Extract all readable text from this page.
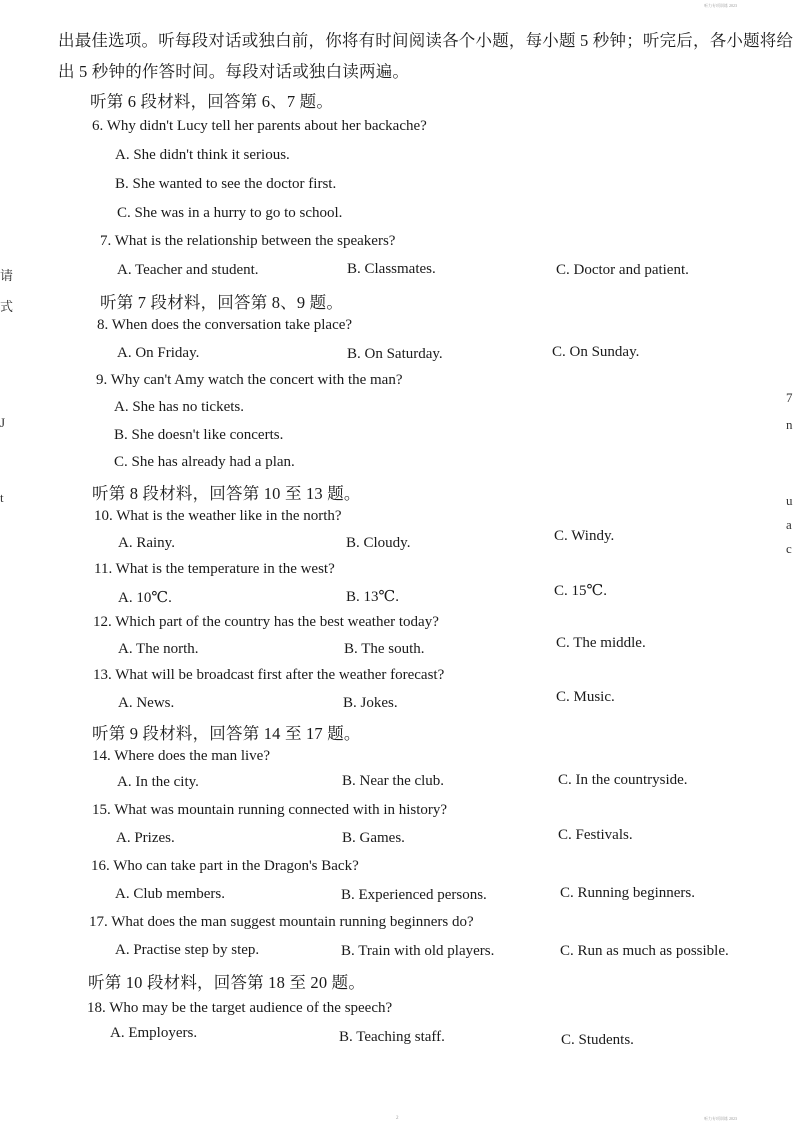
听力专项训练 2023
请
式
J
t
7
n
u
a
c
出最佳选项。听每段对话或独白前，你将有时间阅读各个小题，每小题 5 秒钟；听完后，各小题将给
出 5 秒钟的作答时间。每段对话或独白读两遍。
听第 6 段材料，回答第 6、7 题。
6. Why didn't Lucy tell her parents about her backache?
A. She didn't think it serious.
B. She wanted to see the doctor first.
C. She was in a hurry to go to school.
7. What is the relationship between the speakers?
A. Teacher and student.	B. Classmates.	C. Doctor and patient.
听第 7 段材料，回答第 8、9 题。
8. When does the conversation take place?
A. On Friday.	B. On Saturday.	C. On Sunday.
9. Why can't Amy watch the concert with the man?
A. She has no tickets.
B. She doesn't like concerts.
C. She has already had a plan.
听第 8 段材料，回答第 10 至 13 题。
10. What is the weather like in the north?
A. Rainy.	B. Cloudy.	C. Windy.
11. What is the temperature in the west?
A. 10℃.	B. 13℃.	C. 15℃.
12. Which part of the country has the best weather today?
A. The north.	B. The south.	C. The middle.
13. What will be broadcast first after the weather forecast?
A. News.	B. Jokes.	C. Music.
听第 9 段材料，回答第 14 至 17 题。
14. Where does the man live?
A. In the city.	B. Near the club.	C. In the countryside.
15. What was mountain running connected with in history?
A. Prizes.	B. Games.	C. Festivals.
16. Who can take part in the Dragon's Back?
A. Club members.	B. Experienced persons.	C. Running beginners.
17. What does the man suggest mountain running beginners do?
A. Practise step by step.	B. Train with old players.	C. Run as much as possible.
听第 10 段材料，回答第 18 至 20 题。
18. Who may be the target audience of the speech?
A. Employers.	B. Teaching staff.	C. Students.
2	听力专项训练 2023
